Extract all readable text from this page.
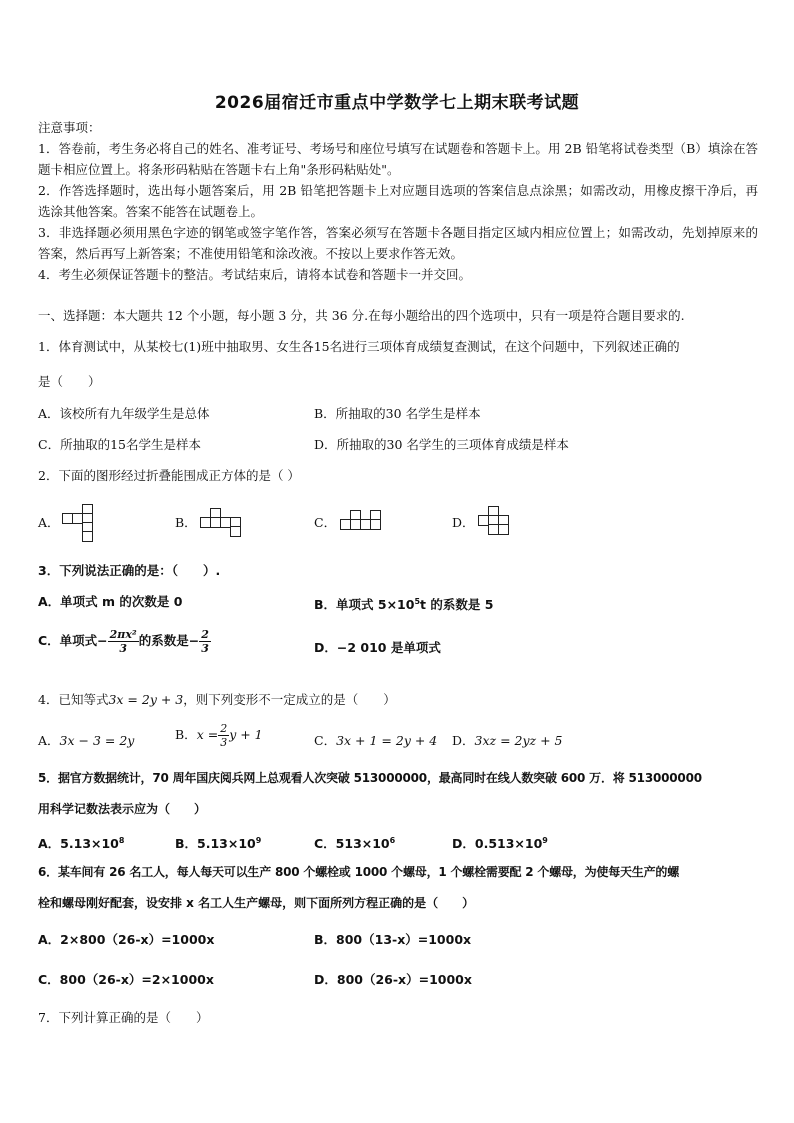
2026届宿迁市重点中学数学七上期末联考试题
注意事项：
1．答卷前，考生务必将自己的姓名、准考证号、考场号和座位号填写在试题卷和答题卡上。用 2B 铅笔将试卷类型（B）填涂在答题卡相应位置上。将条形码粘贴在答题卡右上角"条形码粘贴处"。
2．作答选择题时，选出每小题答案后，用 2B 铅笔把答题卡上对应题目选项的答案信息点涂黑；如需改动，用橡皮擦干净后，再选涂其他答案。答案不能答在试题卷上。
3．非选择题必须用黑色字迹的钢笔或签字笔作答，答案必须写在答题卡各题目指定区域内相应位置上；如需改动，先划掉原来的答案，然后再写上新答案；不准使用铅笔和涂改液。不按以上要求作答无效。
4．考生必须保证答题卡的整洁。考试结束后，请将本试卷和答题卡一并交回。
一、选择题：本大题共 12 个小题，每小题 3 分，共 36 分.在每小题给出的四个选项中，只有一项是符合题目要求的.
1．体育测试中，从某校七(1)班中抽取男、女生各15名进行三项体育成绩复查测试，在这个问题中，下列叙述正确的
是（　　）
A．该校所有九年级学生是总体	B．所抽取的30 名学生是样本
C．所抽取的15名学生是样本	D．所抽取的30 名学生的三项体育成绩是样本
2．下面的图形经过折叠能围成正方体的是（ ）
A．	B．	C．	D．
3．下列说法正确的是：（　　）.
A．单项式 m 的次数是 0	B．单项式 $5\times 10^5t$ 的系数是 5
C．单项式− $\frac{\text{2πx²}}{3}$ 的系数是− $\frac{2}{3}$	D．−2 010 是单项式
4．已知等式3x = 2y + 3，则下列变形不一定成立的是（　　）
A．3x − 3 = 2y	B．$x = \frac{2}{3}$ y + 1	C．3x + 1 = 2y + 4 D．3xz = 2yz + 5
5．据官方数据统计，70 周年国庆阅兵网上总观看人次突破 513000000，最高同时在线人数突破 600 万．将 513000000
用科学记数法表示应为（　　）
A．$5.13\times 10^8$	B．$5.13\times 10^9$	C．$513\times 10^6$	D．$0.513\times 10^9$
6．某车间有 26 名工人，每人每天可以生产 800 个螺栓或 1000 个螺母，1 个螺栓需要配 2 个螺母，为使每天生产的螺
栓和螺母刚好配套，设安排 x 名工人生产螺母，则下面所列方程正确的是（　　）
A．2×800（26-x）=1000x	B．800（13-x）=1000x
C．800（26-x）=2×1000x	D．800（26-x）=1000x
7．下列计算正确的是（　　）
